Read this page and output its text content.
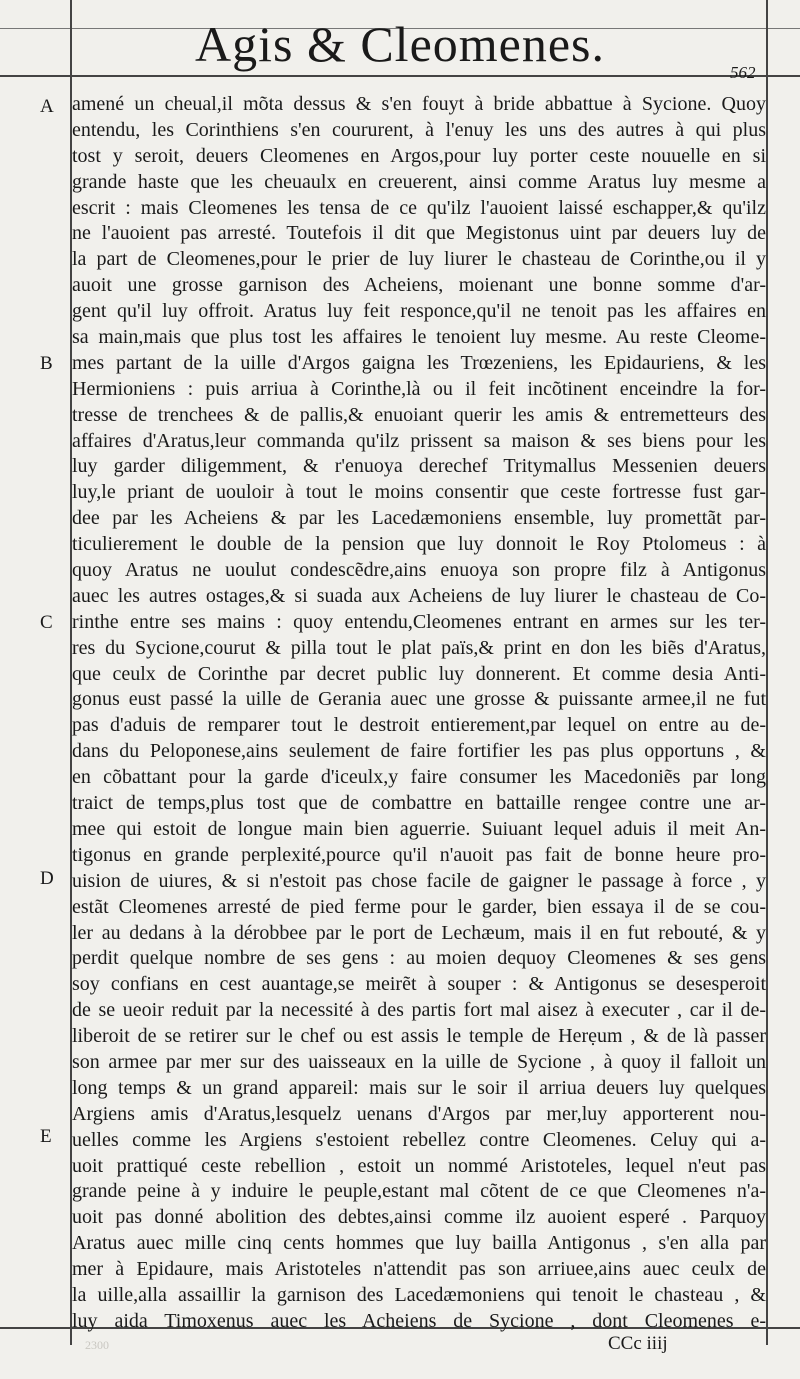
Agis & Cleomenes.
562
A
B
C
D
E
amené un cheual,il mõta dessus & s'en fouyt à bride abbattue à Sycione. Quoy
entendu, les Corinthiens s'en coururent, à l'enuy les uns des autres à qui plus
tost y seroit, deuers Cleomenes en Argos,pour luy porter ceste nouuelle en si
grande haste que les cheuaulx en creuerent, ainsi comme Aratus luy mesme a
escrit : mais Cleomenes les tensa de ce qu'ilz l'auoient laissé eschapper,& qu'ilz
ne l'auoient pas arresté. Toutefois il dit que Megistonus uint par deuers luy de
la part de Cleomenes,pour le prier de luy liurer le chasteau de Corinthe,ou il y
auoit une grosse garnison des Acheiens, moienant une bonne somme d'ar-
gent qu'il luy offroit. Aratus luy feit responce,qu'il ne tenoit pas les affaires en
sa main,mais que plus tost les affaires le tenoient luy mesme. Au reste Cleome-
mes partant de la uille d'Argos gaigna les Trœzeniens, les Epidauriens, & les
Hermioniens : puis arriua à Corinthe,là ou il feit incõtinent enceindre la for-
tresse de trenchees & de pallis,& enuoiant querir les amis & entremetteurs des
affaires d'Aratus,leur commanda qu'ilz prissent sa maison & ses biens pour les
luy garder diligemment, & r'enuoya derechef Tritymallus Messenien deuers
luy,le priant de uouloir à tout le moins consentir que ceste fortresse fust gar-
dee par les Acheiens & par les Lacedæmoniens ensemble, luy promettãt par-
ticulierement le double de la pension que luy donnoit le Roy Ptolomeus : à
quoy Aratus ne uoulut condescẽdre,ains enuoya son propre filz à Antigonus
auec les autres ostages,& si suada aux Acheiens de luy liurer le chasteau de Co-
rinthe entre ses mains : quoy entendu,Cleomenes entrant en armes sur les ter-
res du Sycione,courut & pilla tout le plat païs,& print en don les biẽs d'Aratus,
que ceulx de Corinthe par decret public luy donnerent. Et comme desia Anti-
gonus eust passé la uille de Gerania auec une grosse & puissante armee,il ne fut
pas d'aduis de remparer tout le destroit entierement,par lequel on entre au de-
dans du Peloponese,ains seulement de faire fortifier les pas plus opportuns , &
en cõbattant pour la garde d'iceulx,y faire consumer les Macedoniẽs par long
traict de temps,plus tost que de combattre en battaille rengee contre une ar-
mee qui estoit de longue main bien aguerrie. Suiuant lequel aduis il meit An-
tigonus en grande perplexité,pource qu'il n'auoit pas fait de bonne heure pro-
uision de uiures, & si n'estoit pas chose facile de gaigner le passage à force , y
estãt Cleomenes arresté de pied ferme pour le garder, bien essaya il de se cou-
ler au dedans à la dérobbee par le port de Lechæum, mais il en fut rebouté, & y
perdit quelque nombre de ses gens : au moien dequoy Cleomenes & ses gens
soy confians en cest auantage,se meirẽt à souper : & Antigonus se desesperoit
de se ueoir reduit par la necessité à des partis fort mal aisez à executer , car il de-
liberoit de se retirer sur le chef ou est assis le temple de Herẹum , & de là passer
son armee par mer sur des uaisseaux en la uille de Sycione , à quoy il falloit un
long temps & un grand appareil: mais sur le soir il arriua deuers luy quelques
Argiens amis d'Aratus,lesquelz uenans d'Argos par mer,luy apporterent nou-
uelles comme les Argiens s'estoient rebellez contre Cleomenes. Celuy qui a-
uoit prattiqué ceste rebellion , estoit un nommé Aristoteles, lequel n'eut pas
grande peine à y induire le peuple,estant mal cõtent de ce que Cleomenes n'a-
uoit pas donné abolition des debtes,ainsi comme ilz auoient esperé . Parquoy
Aratus auec mille cinq cents hommes que luy bailla Antigonus , s'en alla par
mer à Epidaure, mais Aristoteles n'attendit pas son arriuee,ains auec ceulx de
la uille,alla assaillir la garnison des Lacedæmoniens qui tenoit le chasteau , &
luy aida Timoxenus auec les Acheiens de Sycione , dont Cleomenes e-
2300	CCc iiij
